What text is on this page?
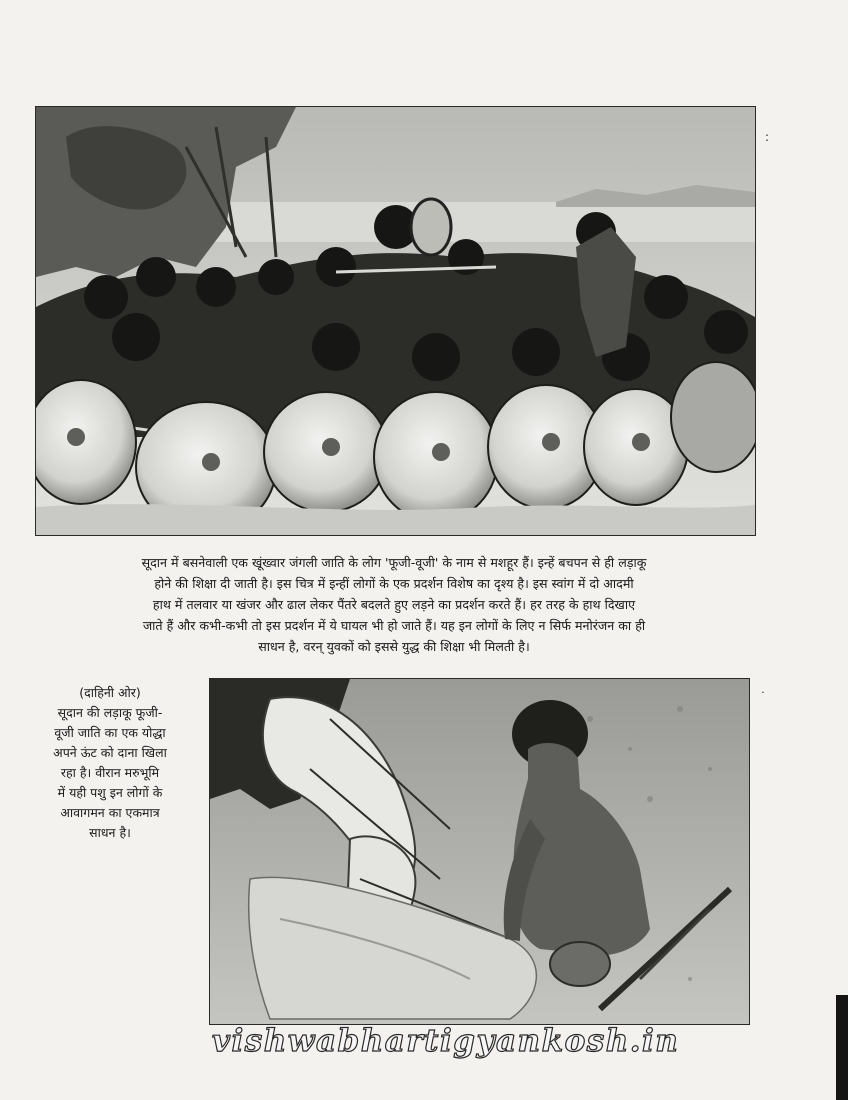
सूदान में बसनेवाली एक खूंख्वार जंगली जाति के लोग 'फूजी-वूजी' के नाम से मशहूर हैं। इन्हें बचपन से ही लड़ाकू
होने की शिक्षा दी जाती है। इस चित्र में इन्हीं लोगों के एक प्रदर्शन विशेष का दृश्य है। इस स्वांग में दो आदमी
हाथ में तलवार या खंजर और ढाल लेकर पैंतरे बदलते हुए लड़ने का प्रदर्शन करते हैं। हर तरह के हाथ दिखाए
जाते हैं और कभी-कभी तो इस प्रदर्शन में ये घायल भी हो जाते हैं। यह इन लोगों के लिए न सिर्फ मनोरंजन का ही
साधन है, वरन् युवकों को इससे युद्ध की शिक्षा भी मिलती है।
(दाहिनी ओर)
सूदान की लड़ाकू फूजी-
वूजी जाति का एक योद्धा
अपने ऊंट को दाना खिला
रहा है। वीरान मरुभूमि
में यही पशु इन लोगों के
आवागमन का एकमात्र
साधन है।
vishwabhartigyankosh.in
:
˙
